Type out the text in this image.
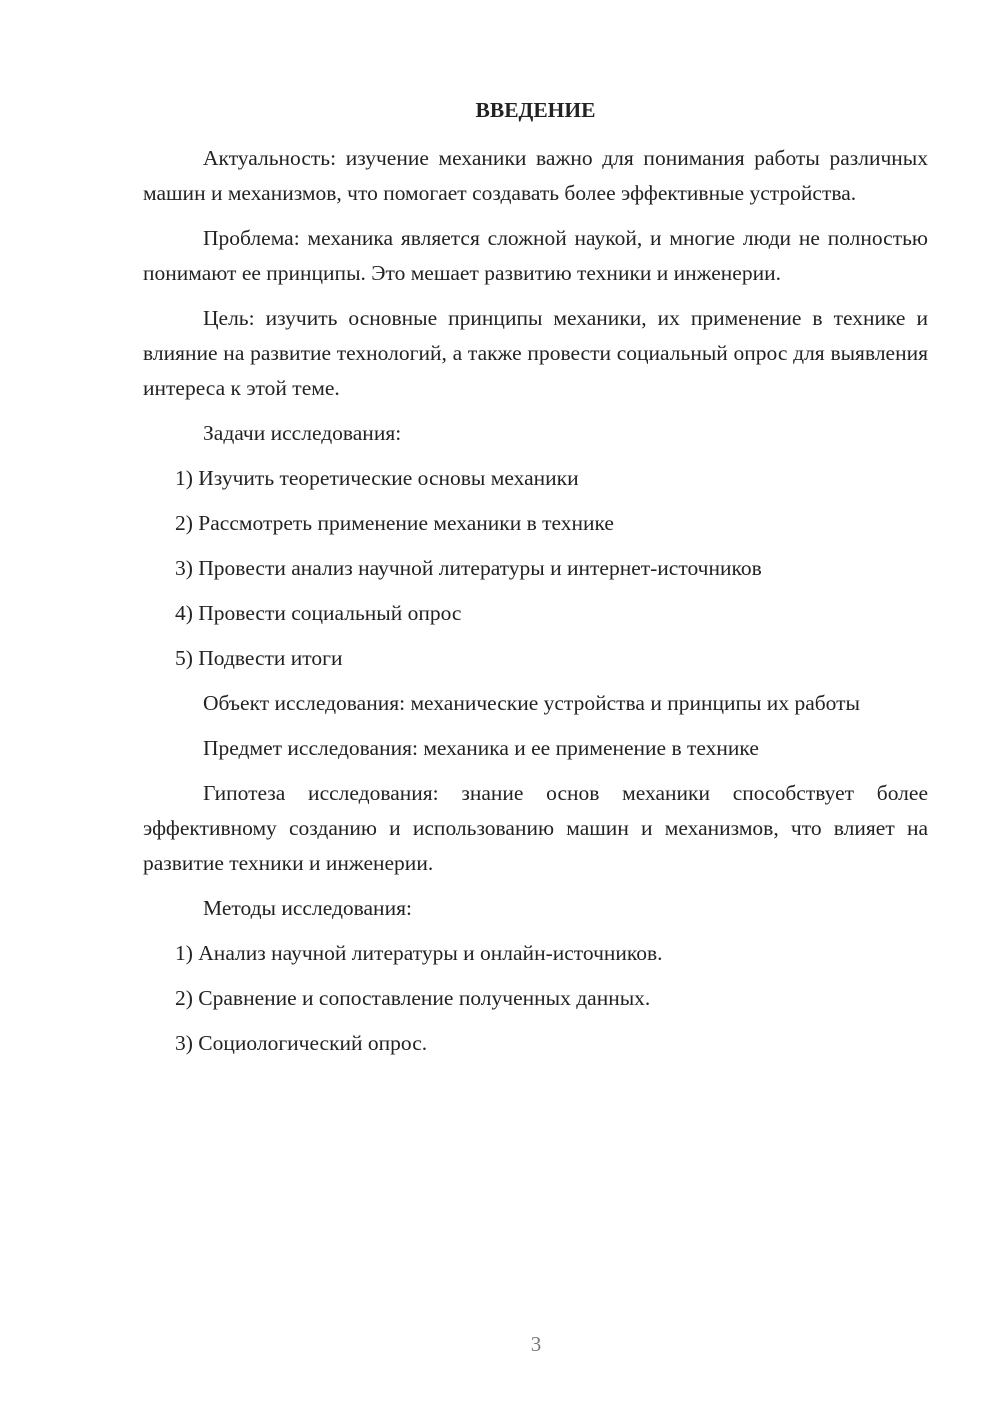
ВВЕДЕНИЕ

Актуальность: изучение механики важно для понимания работы различных машин и механизмов, что помогает создавать более эффективные устройства.

Проблема: механика является сложной наукой, и многие люди не полностью понимают ее принципы. Это мешает развитию техники и инженерии.

Цель: изучить основные принципы механики, их применение в технике и влияние на развитие технологий, а также провести социальный опрос для выявления интереса к этой теме.

Задачи исследования:

1) Изучить теоретические основы механики
2) Рассмотреть применение механики в технике
3) Провести анализ научной литературы и интернет-источников
4) Провести социальный опрос
5) Подвести итоги

Объект исследования: механические устройства и принципы их работы

Предмет исследования: механика и ее применение в технике

Гипотеза исследования: знание основ механики способствует более эффективному созданию и использованию машин и механизмов, что влияет на развитие техники и инженерии.

Методы исследования:

1) Анализ научной литературы и онлайн-источников.
2) Сравнение и сопоставление полученных данных.
3) Социологический опрос.
3
